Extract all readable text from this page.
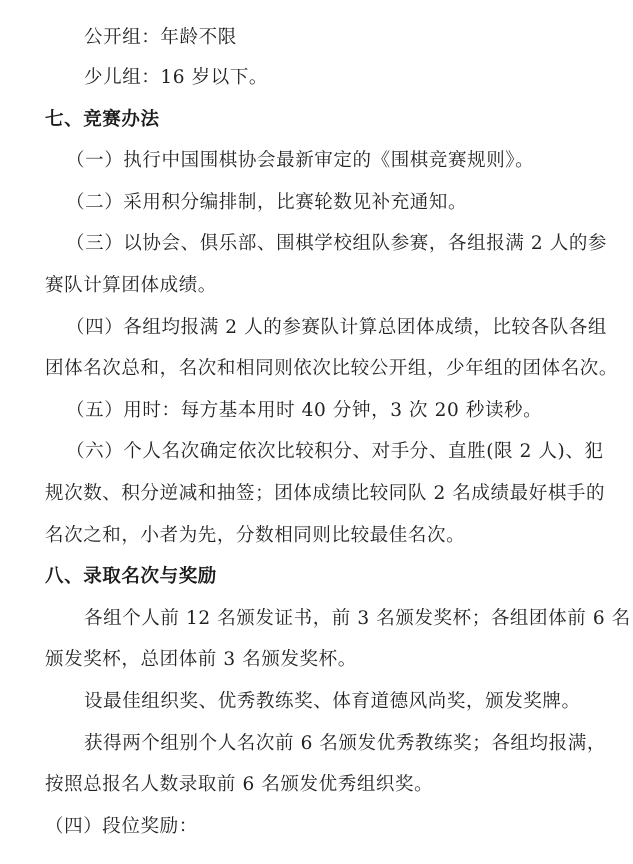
公开组：年龄不限
少儿组：16 岁以下。
七、竞赛办法
（一）执行中国围棋协会最新审定的《围棋竞赛规则》。
（二）采用积分编排制，比赛轮数见补充通知。
（三）以协会、俱乐部、围棋学校组队参赛，各组报满 2 人的参
赛队计算团体成绩。
（四）各组均报满 2 人的参赛队计算总团体成绩，比较各队各组
团体名次总和，名次和相同则依次比较公开组，少年组的团体名次。
（五）用时：每方基本用时 40 分钟，3 次 20 秒读秒。
（六）个人名次确定依次比较积分、对手分、直胜(限 2 人)、犯
规次数、积分逆减和抽签；团体成绩比较同队 2 名成绩最好棋手的
名次之和，小者为先，分数相同则比较最佳名次。
八、录取名次与奖励
各组个人前 12 名颁发证书，前 3 名颁发奖杯；各组团体前 6 名
颁发奖杯，总团体前 3 名颁发奖杯。
设最佳组织奖、优秀教练奖、体育道德风尚奖，颁发奖牌。
获得两个组别个人名次前 6 名颁发优秀教练奖；各组均报满，
按照总报名人数录取前 6 名颁发优秀组织奖。
（四）段位奖励：
